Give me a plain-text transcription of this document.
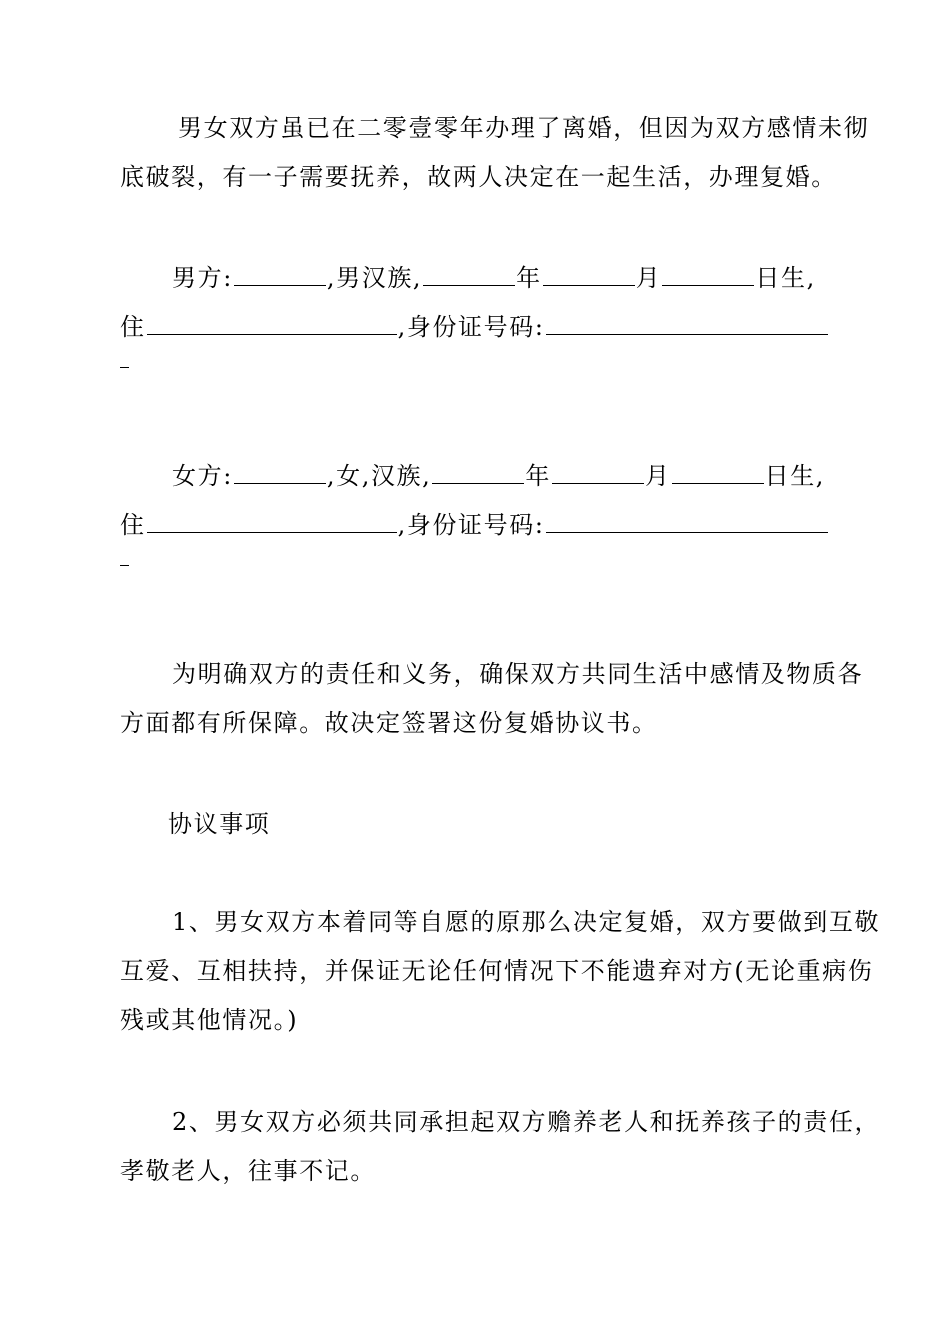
男女双方虽已在二零壹零年办理了离婚，但因为双方感情未彻
底破裂，有一子需要抚养，故两人决定在一起生活，办理复婚。
男方:	,男汉族,	年	月	日生,
住	,身份证号码:
女方:	,女,汉族,	年	月	日生,
住	,身份证号码:
为明确双方的责任和义务，确保双方共同生活中感情及物质各
方面都有所保障。故决定签署这份复婚协议书。
协议事项
1、男女双方本着同等自愿的原那么决定复婚，双方要做到互敬
互爱、互相扶持，并保证无论任何情况下不能遗弃对方(无论重病伤
残或其他情况。)
2、男女双方必须共同承担起双方赡养老人和抚养孩子的责任，
孝敬老人，往事不记。
